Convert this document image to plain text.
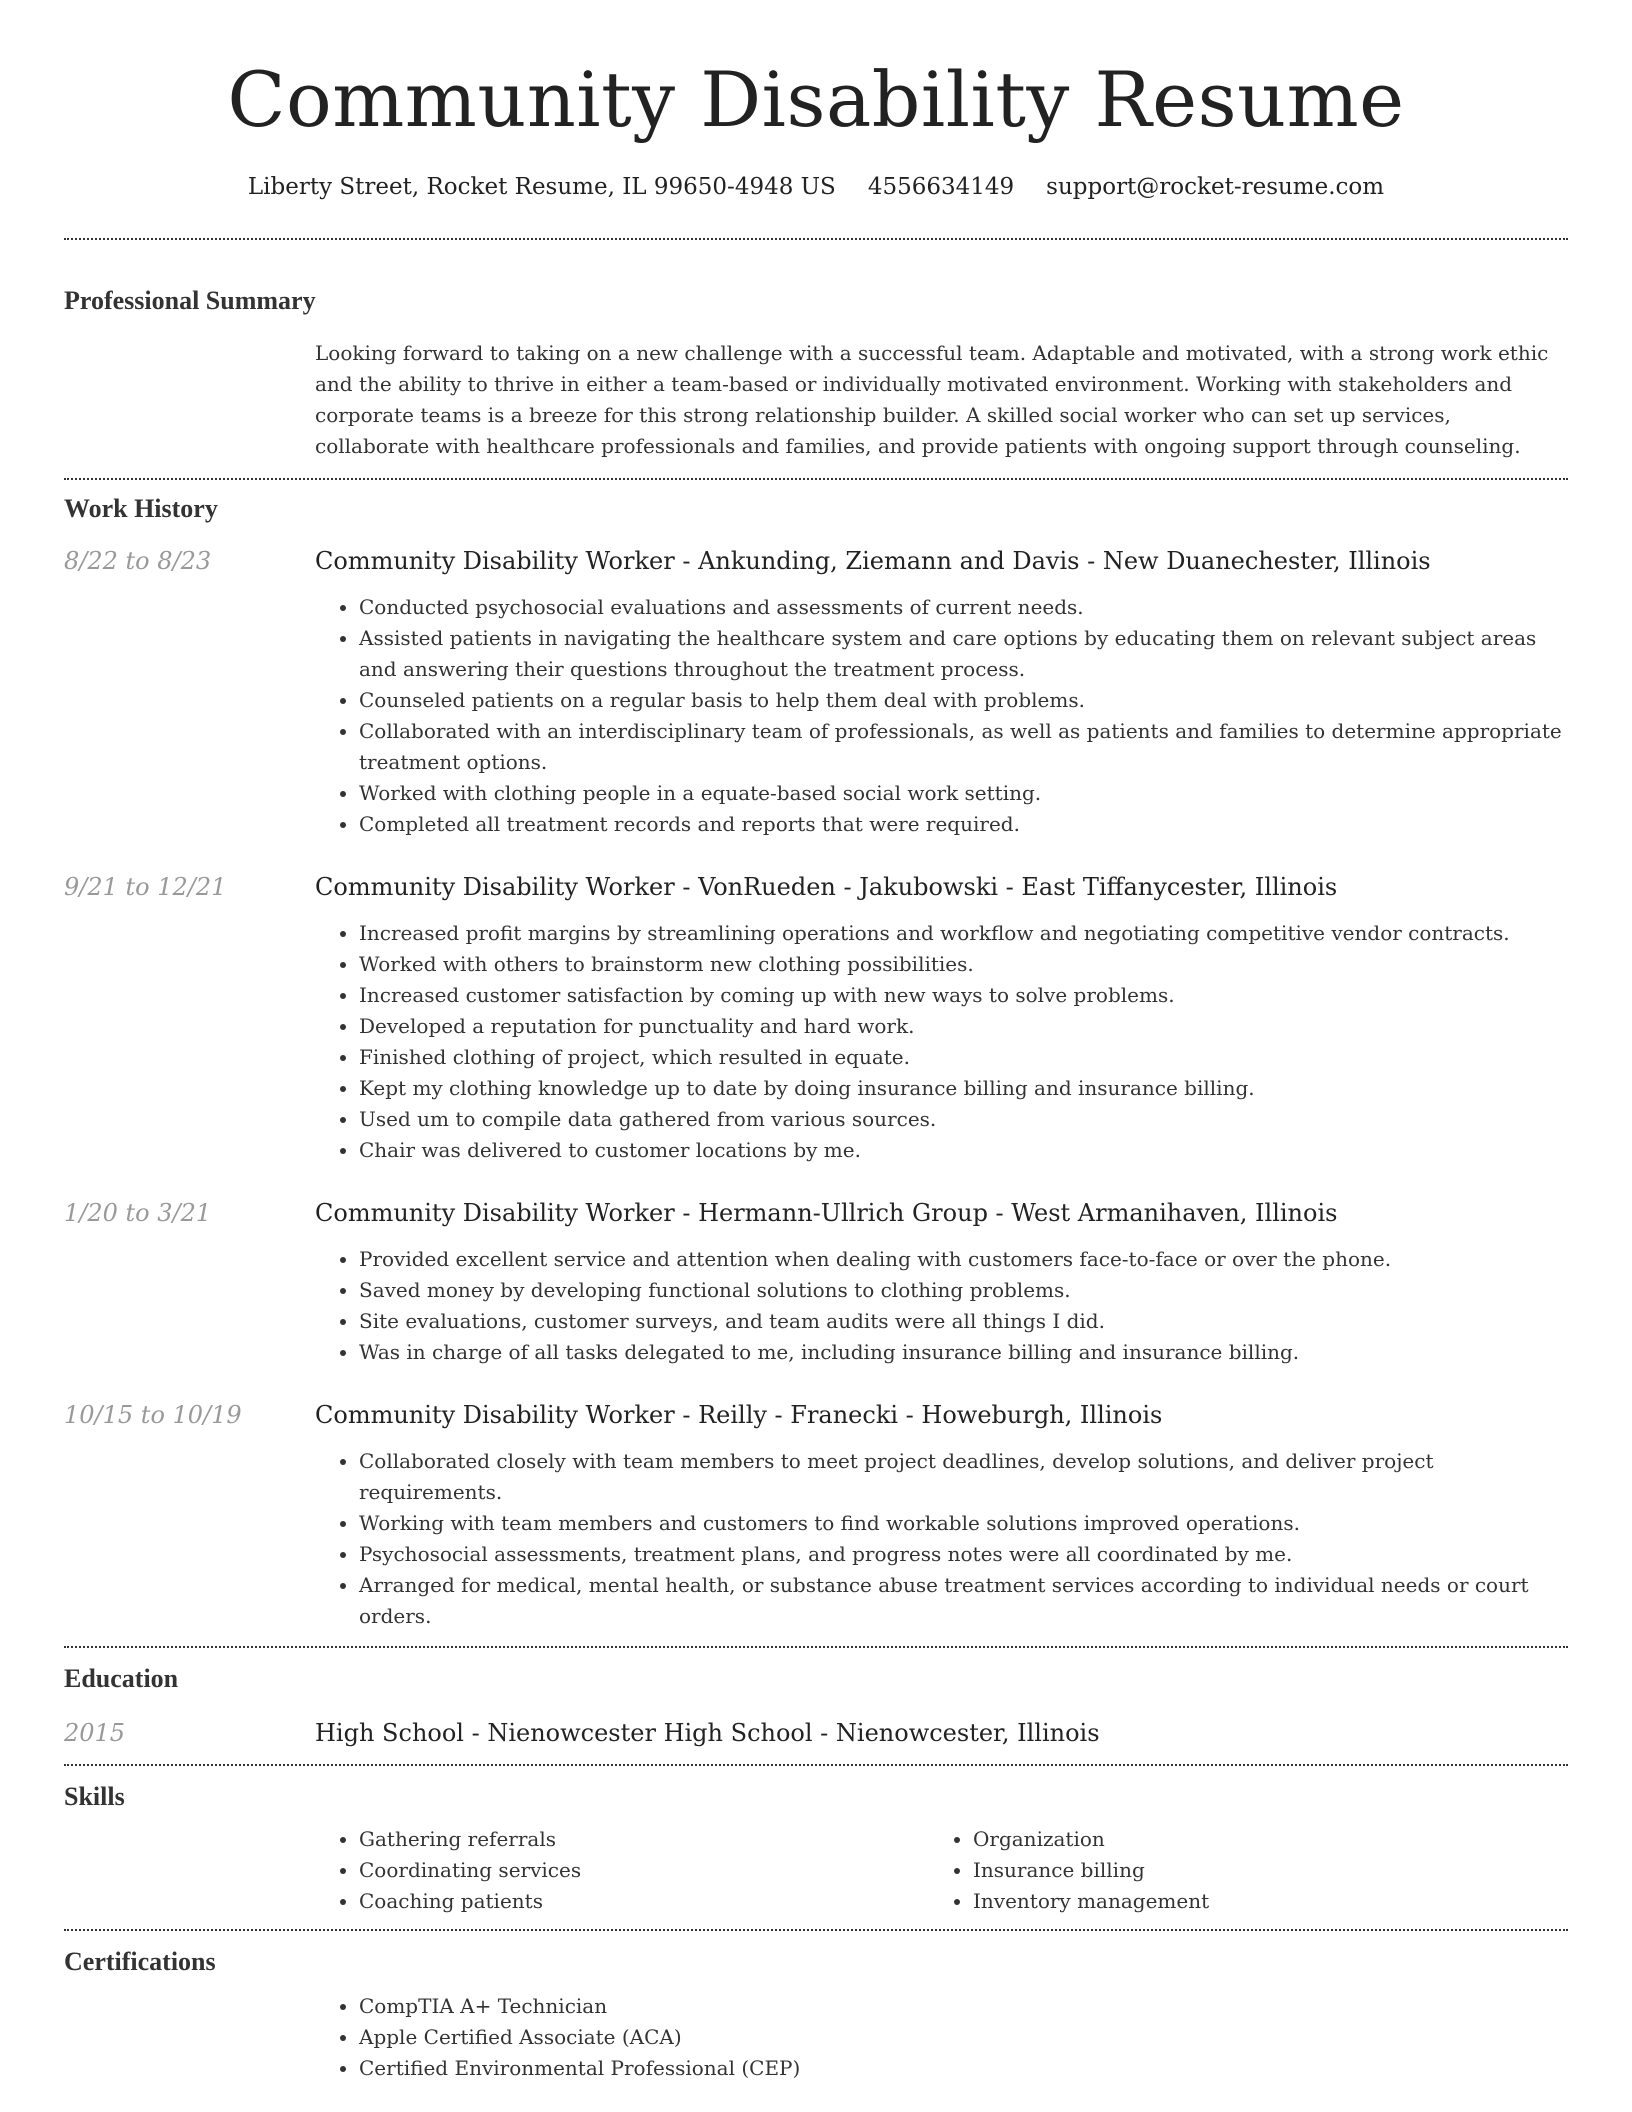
Community Disability Resume
Liberty Street, Rocket Resume, IL 99650-4948 US 4556634149 support@rocket-resume.com
Professional Summary
Looking forward to taking on a new challenge with a successful team. Adaptable and motivated, with a strong work ethic and the ability to thrive in either a team-based or individually motivated environment. Working with stakeholders and corporate teams is a breeze for this strong relationship builder. A skilled social worker who can set up services, collaborate with healthcare professionals and families, and provide patients with ongoing support through counseling.
Work History
8/22 to 8/23	Community Disability Worker - Ankunding, Ziemann and Davis - New Duanechester, Illinois
• Conducted psychosocial evaluations and assessments of current needs.
• Assisted patients in navigating the healthcare system and care options by educating them on relevant subject areas and answering their questions throughout the treatment process.
• Counseled patients on a regular basis to help them deal with problems.
• Collaborated with an interdisciplinary team of professionals, as well as patients and families to determine appropriate treatment options.
• Worked with clothing people in a equate-based social work setting.
• Completed all treatment records and reports that were required.
9/21 to 12/21	Community Disability Worker - VonRueden - Jakubowski - East Tiffanycester, Illinois
• Increased profit margins by streamlining operations and workflow and negotiating competitive vendor contracts.
• Worked with others to brainstorm new clothing possibilities.
• Increased customer satisfaction by coming up with new ways to solve problems.
• Developed a reputation for punctuality and hard work.
• Finished clothing of project, which resulted in equate.
• Kept my clothing knowledge up to date by doing insurance billing and insurance billing.
• Used um to compile data gathered from various sources.
• Chair was delivered to customer locations by me.
1/20 to 3/21	Community Disability Worker - Hermann-Ullrich Group - West Armanihaven, Illinois
• Provided excellent service and attention when dealing with customers face-to-face or over the phone.
• Saved money by developing functional solutions to clothing problems.
• Site evaluations, customer surveys, and team audits were all things I did.
• Was in charge of all tasks delegated to me, including insurance billing and insurance billing.
10/15 to 10/19	Community Disability Worker - Reilly - Franecki - Howeburgh, Illinois
• Collaborated closely with team members to meet project deadlines, develop solutions, and deliver project requirements.
• Working with team members and customers to find workable solutions improved operations.
• Psychosocial assessments, treatment plans, and progress notes were all coordinated by me.
• Arranged for medical, mental health, or substance abuse treatment services according to individual needs or court orders.
Education
2015	High School - Nienowcester High School - Nienowcester, Illinois
Skills
• Gathering referrals
• Coordinating services
• Coaching patients
• Organization
• Insurance billing
• Inventory management
Certifications
• CompTIA A+ Technician
• Apple Certified Associate (ACA)
• Certified Environmental Professional (CEP)
